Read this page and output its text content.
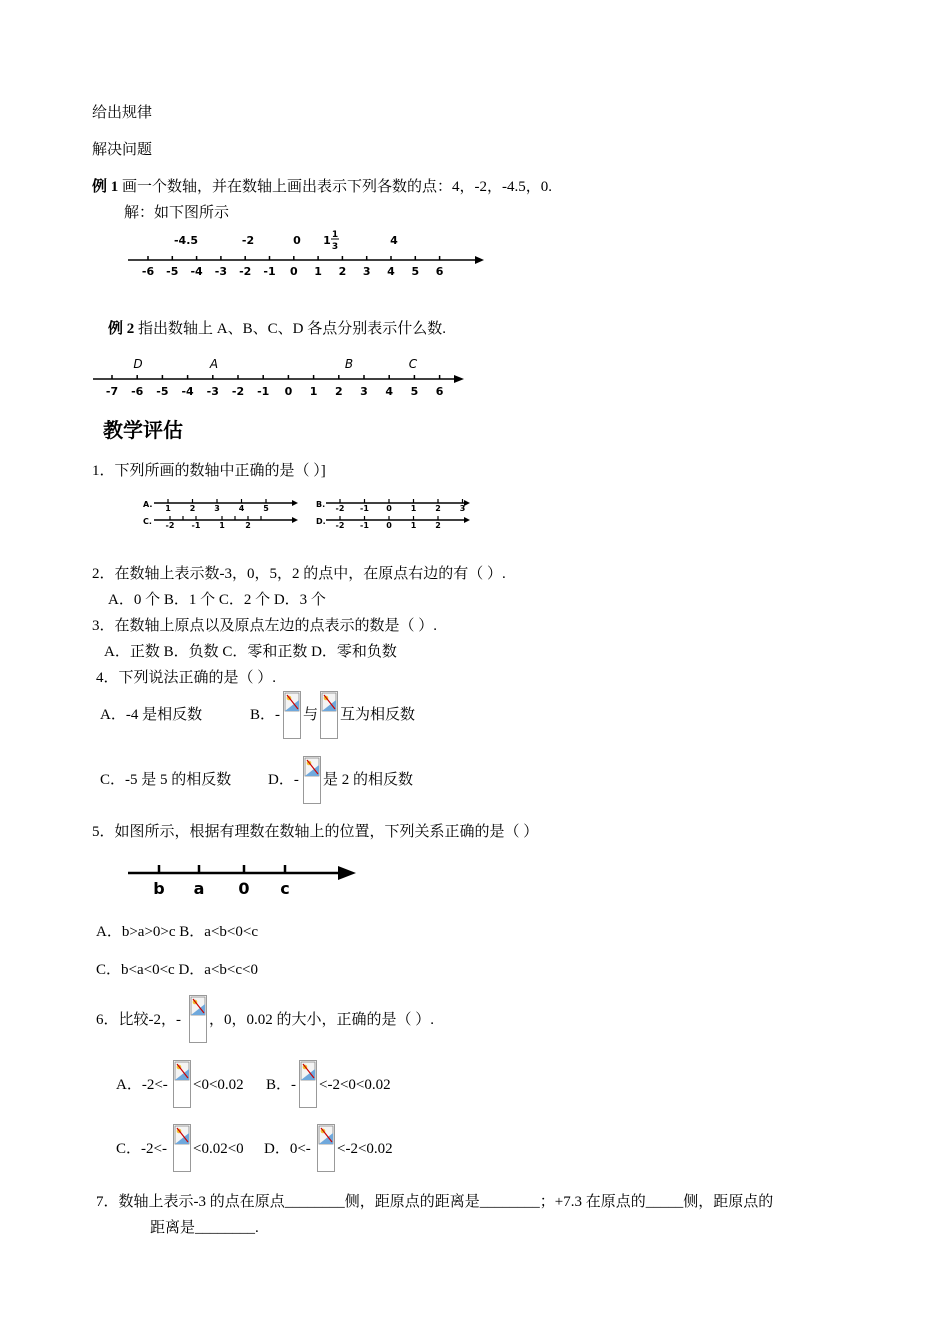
给出规律
解决问题
例 1 画一个数轴，并在数轴上画出表示下列各数的点：4，-2，-4.5，0.
解：如下图所示
-6 -5 -4 -3 -2 -1 0 1 2 3 4 5 6
-4.5	-2	0 1 1
3	4
例 2 指出数轴上 A、B、C、D 各点分别表示什么数.
-7 -6 -5 -4 -3 -2 -1 0 1 2 3 4 5 6
D	A	B	C
教学评估
1．下列所画的数轴中正确的是（ ）]
A. 1 2 3 4 5
C. -2 -1 1	2
B. -2 -1 0 1 2 3
D. -2 -1 0 1 2
2．在数轴上表示数-3，0，5，2 的点中，在原点右边的有（ ）.
A．0 个 B．1 个 C．2 个 D．3 个
3．在数轴上原点以及原点左边的点表示的数是（ ）.
A．正数 B．负数 C．零和正数 D．零和负数
4．下列说法正确的是（ ）.
A．-4 是相反数	B．- 与 互为相反数
C．-5 是 5 的相反数 D．- 是 2 的相反数
5．如图所示，根据有理数在数轴上的位置，下列关系正确的是（ ）
b a 0 c
A．b>a>0>c B．a<b<0<c
C．b<a<0<c D．a<b<c<0
6．比较-2，- ，0，0.02 的大小，正确的是（ ）.
A．-2<- <0<0.02 B．- <-2<0<0.02
C．-2<- <0.02<0 D．0<- <-2<0.02
7．数轴上表示-3 的点在原点________侧，距原点的距离是________；+7.3 在原点的_____侧，距原点的
距离是________.
